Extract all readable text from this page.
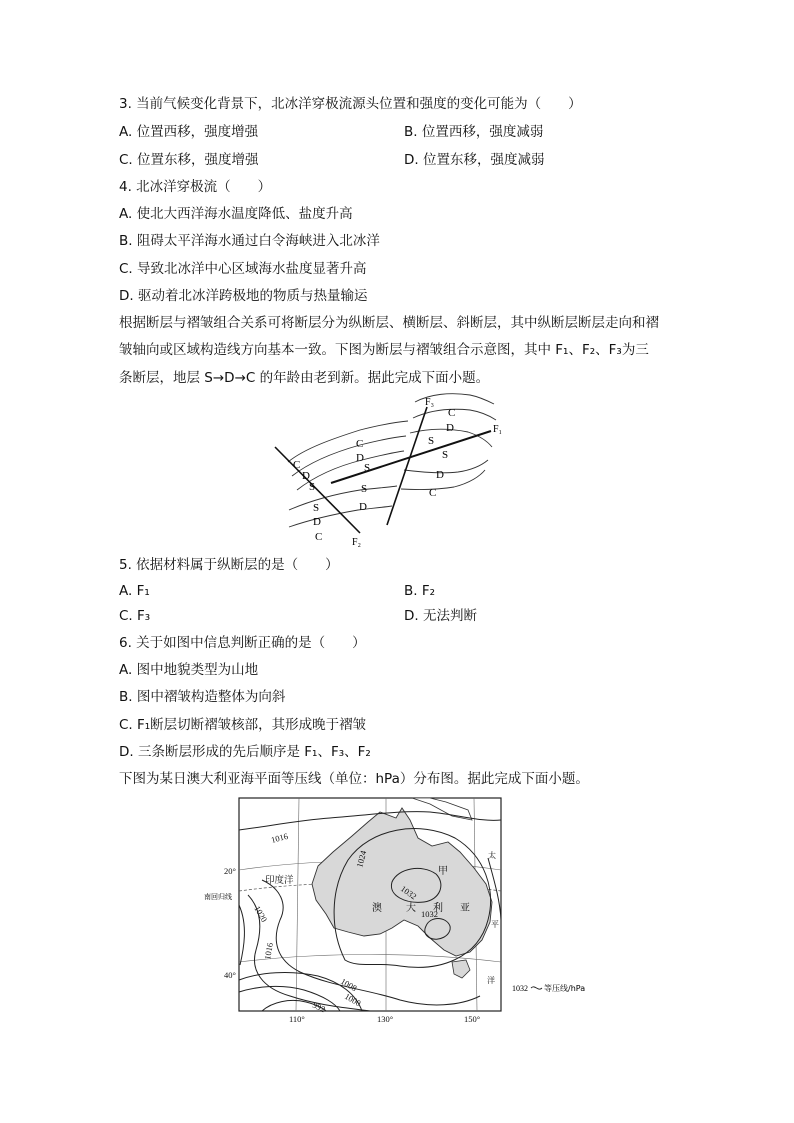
3. 当前气候变化背景下，北冰洋穿极流源头位置和强度的变化可能为（　　）
A. 位置西移，强度增强	B. 位置西移，强度减弱
C. 位置东移，强度增强	D. 位置东移，强度减弱
4. 北冰洋穿极流（　　）
A. 使北大西洋海水温度降低、盐度升高
B. 阻碍太平洋海水通过白令海峡进入北冰洋
C. 导致北冰洋中心区域海水盐度显著升高
D. 驱动着北冰洋跨极地的物质与热量输运
根据断层与褶皱组合关系可将断层分为纵断层、横断层、斜断层，其中纵断层断层走向和褶
皱轴向或区域构造线方向基本一致。下图为断层与褶皱组合示意图，其中 F₁、F₂、F₃为三
条断层，地层 S→D→C 的年龄由老到新。据此完成下面小题。
F₃
F₁
F₂
C
D
S
S
D
C
C
D
S
C
D
S	S
S	D
D
C
5. 依据材料属于纵断层的是（　　）
A. F₁	B. F₂
C. F₃	D. 无法判断
6. 关于如图中信息判断正确的是（　　）
A. 图中地貌类型为山地
B. 图中褶皱构造整体为向斜
C. F₁断层切断褶皱核部，其形成晚于褶皱
D. 三条断层形成的先后顺序是 F₁、F₃、F₂
下图为某日澳大利亚海平面等压线（单位：hPa）分布图。据此完成下面小题。
1016
1024
1032
1032
1020
1016
1008
1000
992
20°
40°
110°	130°	150°
南回归线
印度洋
澳 大 利 亚
甲
太
平
洋
1032 等压线/hPa
